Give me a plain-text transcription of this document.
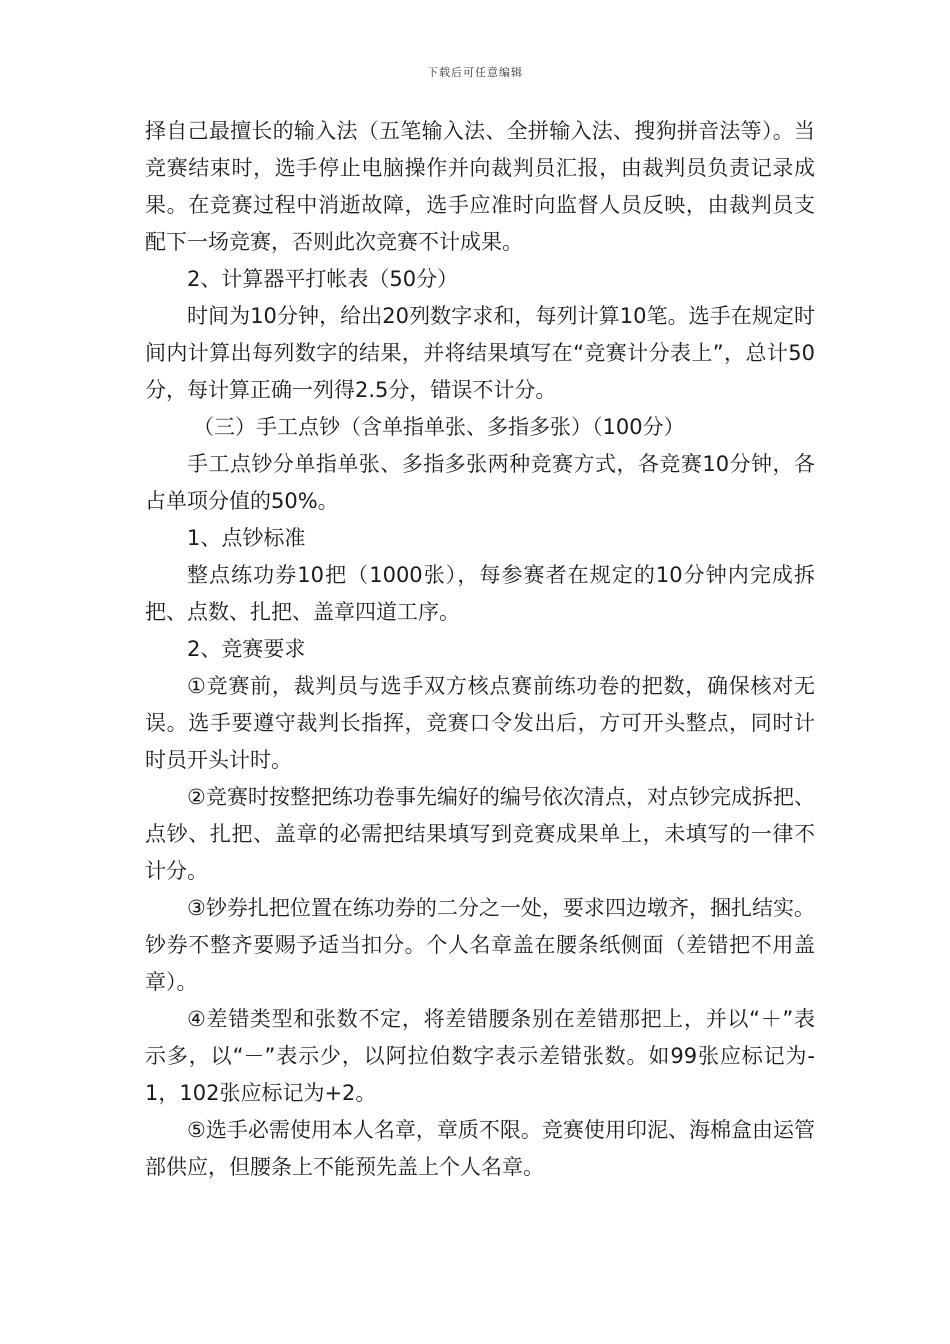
下载后可任意编辑

择自己最擅长的输入法（五笔输入法、全拼输入法、搜狗拼音法等）。当竞赛结束时，选手停止电脑操作并向裁判员汇报，由裁判员负责记录成果。在竞赛过程中消逝故障，选手应准时向监督人员反映，由裁判员支配下一场竞赛，否则此次竞赛不计成果。

2、计算器平打帐表（50分）

时间为10分钟，给出20列数字求和，每列计算10笔。选手在规定时间内计算出每列数字的结果，并将结果填写在“竞赛计分表上”，总计50分，每计算正确一列得2.5分，错误不计分。

（三）手工点钞（含单指单张、多指多张）（100分）

手工点钞分单指单张、多指多张两种竞赛方式，各竞赛10分钟，各占单项分值的50%。

1、点钞标准

整点练功券10把（1000张），每参赛者在规定的10分钟内完成拆把、点数、扎把、盖章四道工序。

2、竞赛要求

①竞赛前，裁判员与选手双方核点赛前练功卷的把数，确保核对无误。选手要遵守裁判长指挥，竞赛口令发出后，方可开头整点，同时计时员开头计时。

②竞赛时按整把练功卷事先编好的编号依次清点，对点钞完成拆把、点钞、扎把、盖章的必需把结果填写到竞赛成果单上，未填写的一律不计分。

③钞券扎把位置在练功券的二分之一处，要求四边墩齐，捆扎结实。钞券不整齐要赐予适当扣分。个人名章盖在腰条纸侧面（差错把不用盖章）。

④差错类型和张数不定，将差错腰条别在差错那把上，并以“＋”表示多，以“－”表示少，以阿拉伯数字表示差错张数。如99张应标记为-1，102张应标记为+2。

⑤选手必需使用本人名章，章质不限。竞赛使用印泥、海棉盒由运管部供应，但腰条上不能预先盖上个人名章。
